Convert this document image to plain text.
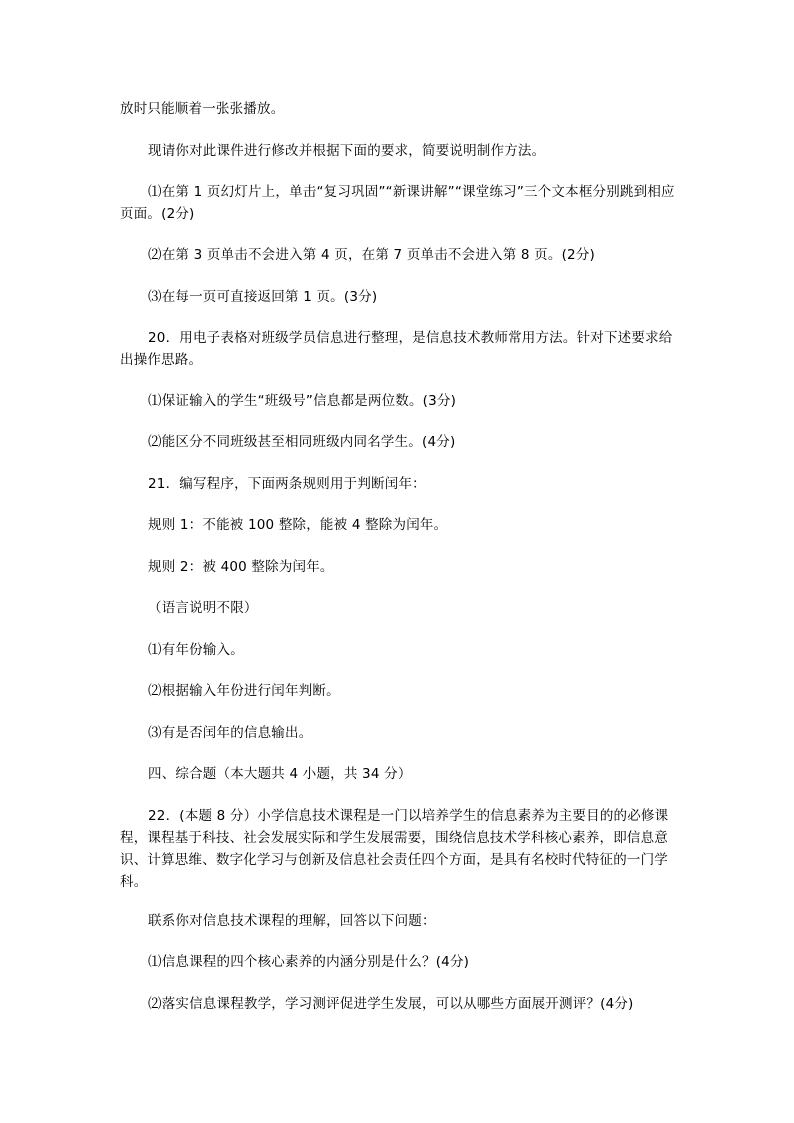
放时只能顺着一张张播放。

现请你对此课件进行修改并根据下面的要求，简要说明制作方法。

⑴在第 1 页幻灯片上，单击“复习巩固”“新课讲解”“课堂练习”三个文本框分别跳到相应页面。(2分)

⑵在第 3 页单击不会进入第 4 页，在第 7 页单击不会进入第 8 页。(2分)

⑶在每一页可直接返回第 1 页。(3分)

20．用电子表格对班级学员信息进行整理，是信息技术教师常用方法。针对下述要求给出操作思路。

⑴保证输入的学生“班级号”信息都是两位数。(3分)

⑵能区分不同班级甚至相同班级内同名学生。(4分)

21．编写程序，下面两条规则用于判断闰年：

规则 1：不能被 100 整除，能被 4 整除为闰年。

规则 2：被 400 整除为闰年。

（语言说明不限）

⑴有年份输入。

⑵根据输入年份进行闰年判断。

⑶有是否闰年的信息输出。

四、综合题（本大题共 4 小题，共 34 分）

22．(本题 8 分）小学信息技术课程是一门以培养学生的信息素养为主要目的的必修课程，课程基于科技、社会发展实际和学生发展需要，围绕信息技术学科核心素养，即信息意识、计算思维、数字化学习与创新及信息社会责任四个方面，是具有名校时代特征的一门学科。

联系你对信息技术课程的理解，回答以下问题：

⑴信息课程的四个核心素养的内涵分别是什么？(4分)

⑵落实信息课程教学，学习测评促进学生发展，可以从哪些方面展开测评？(4分)
